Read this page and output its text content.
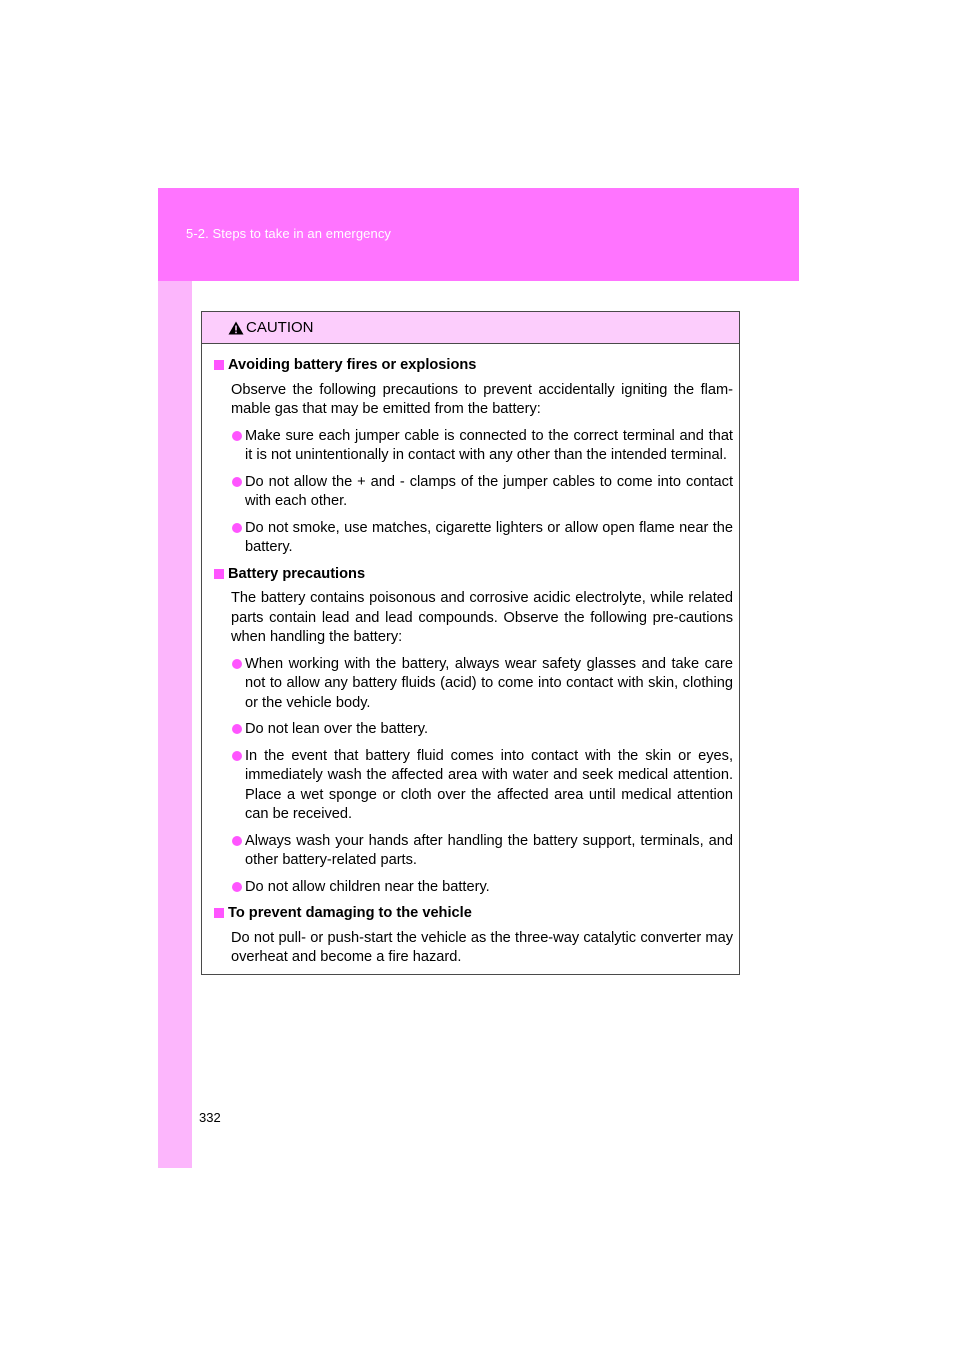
5-2. Steps to take in an emergency
CAUTION
Avoiding battery fires or explosions
Observe the following precautions to prevent accidentally igniting the flam-mable gas that may be emitted from the battery:
Make sure each jumper cable is connected to the correct terminal and that it is not unintentionally in contact with any other than the intended terminal.
Do not allow the + and - clamps of the jumper cables to come into contact with each other.
Do not smoke, use matches, cigarette lighters or allow open flame near the battery.
Battery precautions
The battery contains poisonous and corrosive acidic electrolyte, while related parts contain lead and lead compounds. Observe the following pre-cautions when handling the battery:
When working with the battery, always wear safety glasses and take care not to allow any battery fluids (acid) to come into contact with skin, clothing or the vehicle body.
Do not lean over the battery.
In the event that battery fluid comes into contact with the skin or eyes, immediately wash the affected area with water and seek medical attention. Place a wet sponge or cloth over the affected area until medical attention can be received.
Always wash your hands after handling the battery support, terminals, and other battery-related parts.
Do not allow children near the battery.
To prevent damaging to the vehicle
Do not pull- or push-start the vehicle as the three-way catalytic converter may overheat and become a fire hazard.
332
